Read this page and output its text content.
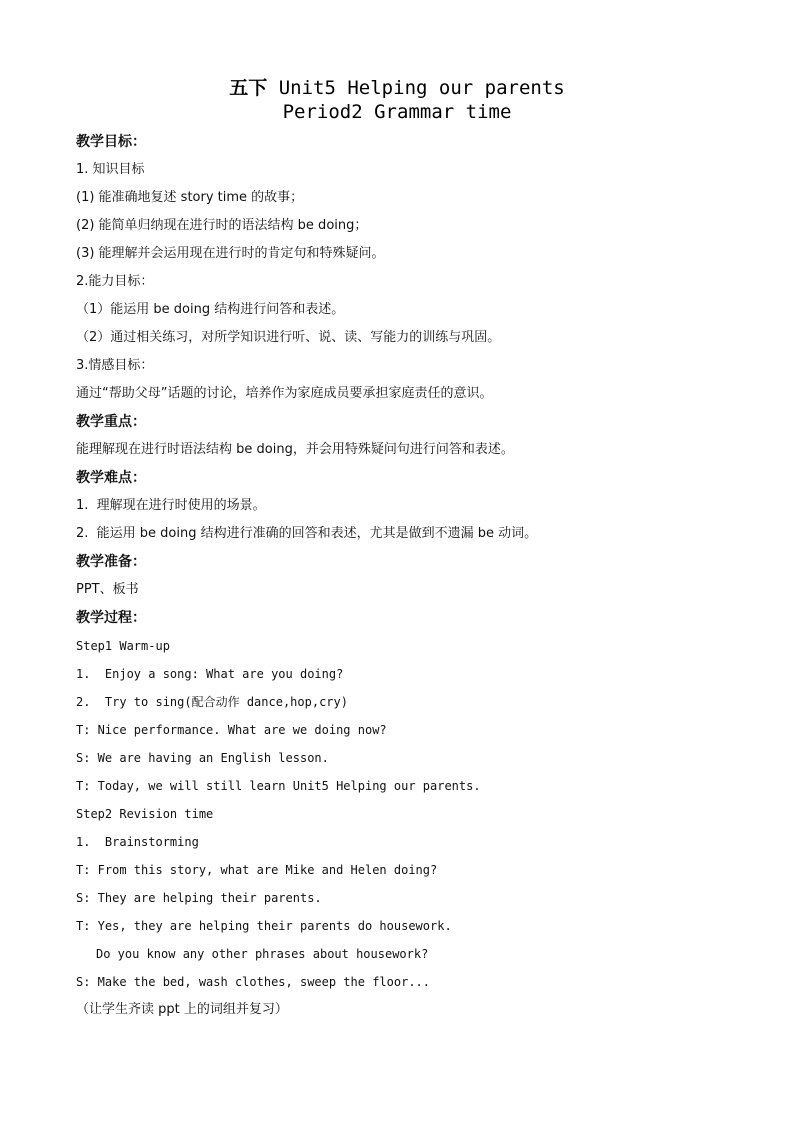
五下 Unit5 Helping our parents
Period2 Grammar time
教学目标：
1. 知识目标
(1) 能准确地复述 story time 的故事；
(2) 能简单归纳现在进行时的语法结构 be doing；
(3) 能理解并会运用现在进行时的肯定句和特殊疑问。
2.能力目标：
（1）能运用 be doing 结构进行问答和表述。
（2）通过相关练习，对所学知识进行听、说、读、写能力的训练与巩固。
3.情感目标：
通过“帮助父母”话题的讨论，培养作为家庭成员要承担家庭责任的意识。
教学重点：
能理解现在进行时语法结构 be doing，并会用特殊疑问句进行问答和表述。
教学难点：
1.  理解现在进行时使用的场景。
2.  能运用 be doing 结构进行准确的回答和表述，尤其是做到不遗漏 be 动词。
教学准备：
PPT、板书
教学过程：
Step1 Warm-up
1.  Enjoy a song: What are you doing?
2.  Try to sing(配合动作 dance,hop,cry)
T: Nice performance. What are we doing now?
S: We are having an English lesson.
T: Today, we will still learn Unit5 Helping our parents.
Step2 Revision time
1.  Brainstorming
T: From this story, what are Mike and Helen doing?
S: They are helping their parents.
T: Yes, they are helping their parents do housework.
Do you know any other phrases about housework?
S: Make the bed, wash clothes, sweep the floor...
（让学生齐读 ppt 上的词组并复习）
